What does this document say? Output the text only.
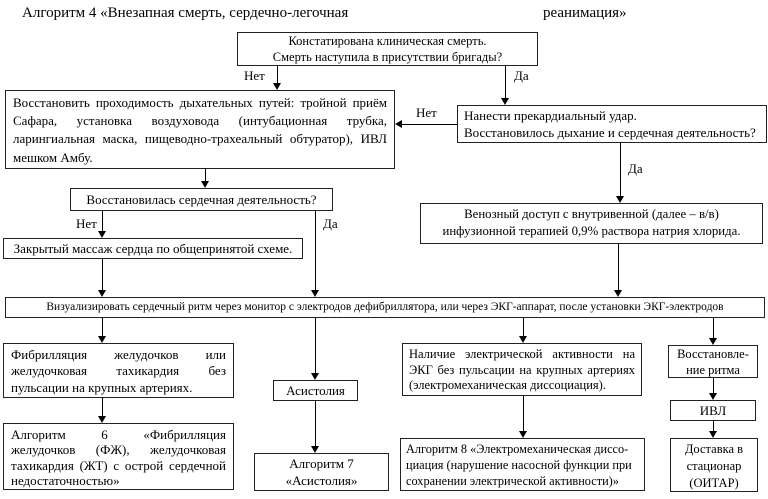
Алгоритм 4 «Внезапная смерть, сердечно-легочная	реанимация»
Констатирована клиническая смерть.
Смерть наступила в присутствии бригады?
Восстановить проходимость дыхательных путей: тройной приём Сафара, установка воздуховода (интубационная трубка, ларингиальная маска, пищеводно-трахеальный обтуратор), ИВЛ мешком Амбу.
Нанести прекардиальный удар.
Восстановилось дыхание и сердечная деятельность?
Восстановилась сердечная деятельность?
Закрытый массаж сердца по общепринятой схеме.
Венозный доступ с внутривенной (далее – в/в) инфузионной терапией 0,9% раствора натрия хлорида.
Визуализировать сердечный ритм через монитор с электродов дефибриллятора, или через ЭКГ-аппарат, после установки ЭКГ-электродов
Фибрилляция желудочков или желудочковая тахикардия без пульсации на крупных артериях.
Алгоритм 6 «Фибрилляция желудочков (ФЖ), желудочковая тахикардия (ЖТ) с острой сердечной недостаточностью»
Асистолия
Алгоритм 7
«Асистолия»
Наличие электрической активности на ЭКГ без пульсации на крупных артериях (электромеханическая диссоциация).
Алгоритм 8 «Электромеханическая диссо-
циация (нарушение насосной функции при
сохранении электрической активности)»
Восстановле-
ние ритма
ИВЛ
Доставка в
стационар
(ОИТАР)
Нет	Да
Нет
Нет	Да
Да
